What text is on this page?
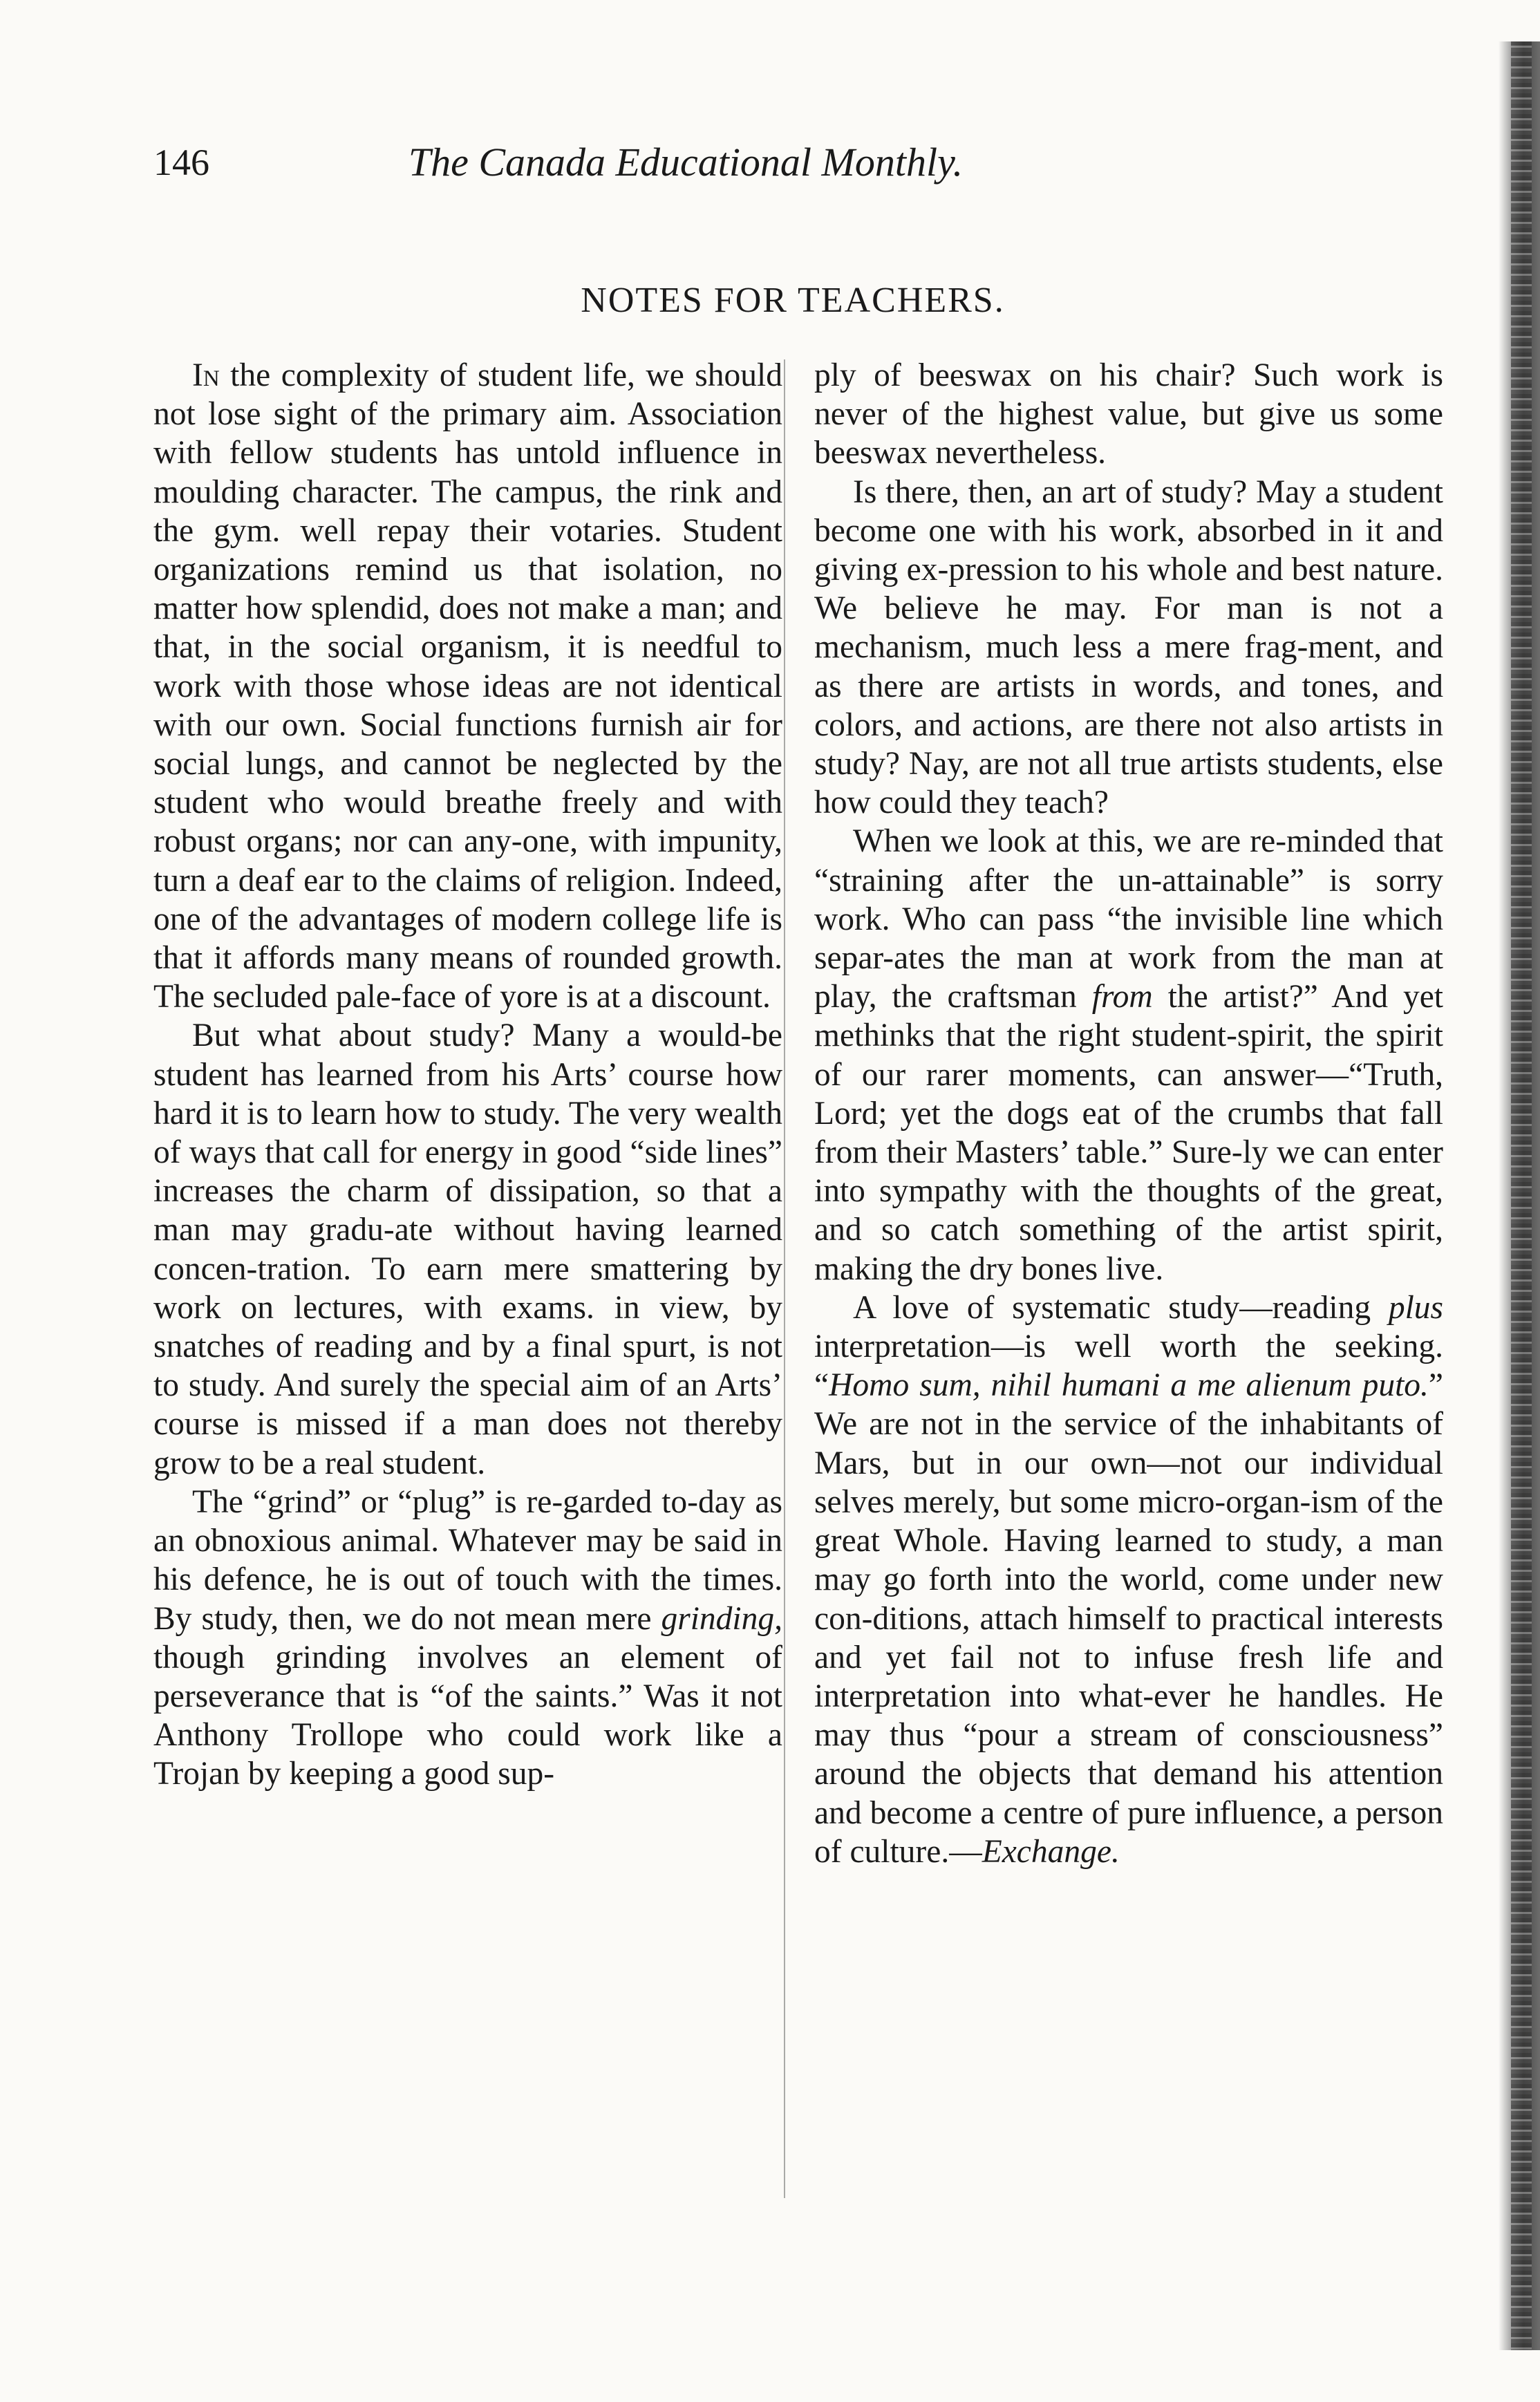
146	The Canada Educational Monthly.
NOTES FOR TEACHERS.

In the complexity of student life, we should not lose sight of the primary aim. Association with fellow students has untold influence in moulding character. The campus, the rink and the gym. well repay their votaries. Student organizations remind us that isolation, no matter how splendid, does not make a man; and that, in the social organism, it is needful to work with those whose ideas are not identical with our own. Social functions furnish air for social lungs, and cannot be neglected by the student who would breathe freely and with robust organs; nor can any-one, with impunity, turn a deaf ear to the claims of religion. Indeed, one of the advantages of modern college life is that it affords many means of rounded growth. The secluded pale-face of yore is at a discount.

But what about study? Many a would-be student has learned from his Arts’ course how hard it is to learn how to study. The very wealth of ways that call for energy in good “side lines” increases the charm of dissipation, so that a man may gradu-ate without having learned concen-tration. To earn mere smattering by work on lectures, with exams. in view, by snatches of reading and by a final spurt, is not to study. And surely the special aim of an Arts’ course is missed if a man does not thereby grow to be a real student.

The “grind” or “plug” is re-garded to-day as an obnoxious animal. Whatever may be said in his defence, he is out of touch with the times. By study, then, we do not mean mere grinding, though grinding involves an element of perseverance that is “of the saints.” Was it not Anthony Trollope who could work like a Trojan by keeping a good sup-

ply of beeswax on his chair? Such work is never of the highest value, but give us some beeswax nevertheless.

Is there, then, an art of study? May a student become one with his work, absorbed in it and giving ex-pression to his whole and best nature. We believe he may. For man is not a mechanism, much less a mere frag-ment, and as there are artists in words, and tones, and colors, and actions, are there not also artists in study? Nay, are not all true artists students, else how could they teach?

When we look at this, we are re-minded that “straining after the un-attainable” is sorry work. Who can pass “the invisible line which separ-ates the man at work from the man at play, the craftsman from the artist?” And yet methinks that the right student-spirit, the spirit of our rarer moments, can answer—“Truth, Lord; yet the dogs eat of the crumbs that fall from their Masters’ table.” Sure-ly we can enter into sympathy with the thoughts of the great, and so catch something of the artist spirit, making the dry bones live.

A love of systematic study—reading plus interpretation—is well worth the seeking. “Homo sum, nihil humani a me alienum puto.” We are not in the service of the inhabitants of Mars, but in our own—not our individual selves merely, but some micro-organ-ism of the great Whole. Having learned to study, a man may go forth into the world, come under new con-ditions, attach himself to practical interests and yet fail not to infuse fresh life and interpretation into what-ever he handles. He may thus “pour a stream of consciousness” around the objects that demand his attention and become a centre of pure influence, a person of culture.—Exchange.
